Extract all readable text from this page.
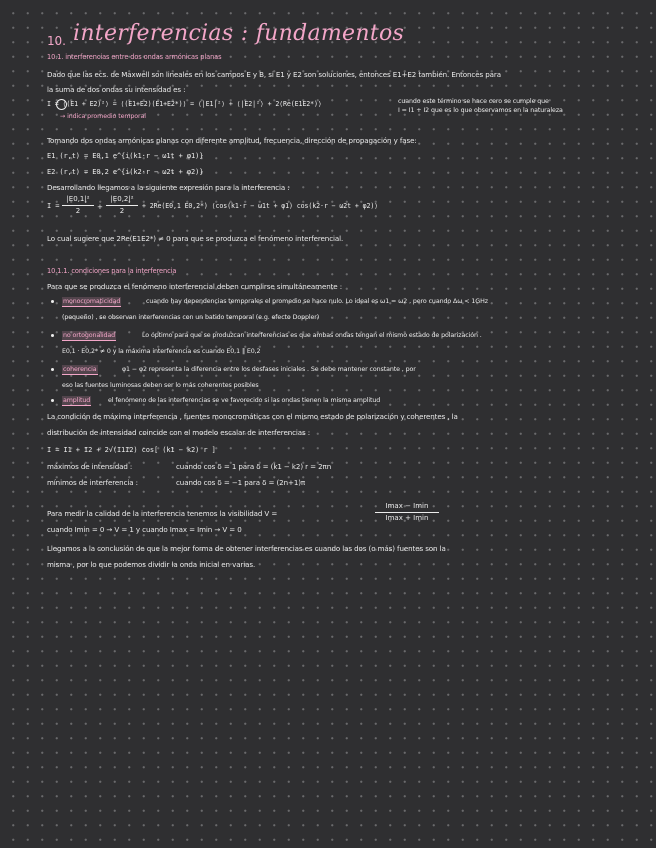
10. interferencias : fundamentos
10.1. interferencias entre dos ondas armónicas planas
Dado que las ecs. de Maxwell son lineales en los campos E y B, si E1 y E2 son soluciones, entonces E1+E2 también. Entonces para
la suma de dos ondas su intensidad es :
I = ⟨(E1 + E2)²⟩ = ⟨(E1+E2)(E1+E2*)⟩ = ⟨|E1|²⟩ + ⟨|E2|²⟩ + 2⟨Re(E1E2*)⟩
→ indica promedio temporal
cuando este término se hace cero se cumple que
I = I1 + I2 que es lo que observamos en la naturaleza
Tomando dos ondas armónicas planas con diferente amplitud, frecuencia, dirección de propagación y fase:
E1 (r,t) = E0,1 e^{i(k1·r − ω1t + φ1)}
E2 (r,t) = E0,2 e^{i(k2·r − ω2t + φ2)}
Desarrollando llegamos a la siguiente expresión para la interferencia :
I =
|E0,1|²
2	+
|E0,2|²
2
+ 2Re(E0,1 E0,2*) ⟨cos(k1·r − ω1t + φ1) cos(k2·r − ω2t + φ2)⟩
Lo cual sugiere que 2Re(E1E2*) ≠ 0 para que se produzca el fenómeno interferencial.
10.1.1. condiciones para la interferencia
Para que se produzca el fenómeno interferencial deben cumplirse simultáneamente :
monocromaticidad	cuando hay dependencias temporales el promedio se hace nulo. Lo ideal es ω1 = ω2 , pero cuando Δω < 1GHz
(pequeño) , se observan interferencias con un batido temporal (e.g. efecto Doppler)
no ortogonalidad	Lo óptimo para que se produzcan interferencias es que ambas ondas tengan el mismo estado de polarización .
E0,1 · E0,2* ≠ 0 y la máxima interferencia es cuando E0,1 ∥ E0,2
coherencia	φ1 − φ2 representa la diferencia entre los desfases iniciales . Se debe mantener constante , por
eso las fuentes luminosas deben ser lo más coherentes posibles
amplitud	el fenómeno de las interferencias se ve favorecido si las ondas tienen la misma amplitud
La condición de máxima interferencia , fuentes monocromáticas con el mismo estado de polarización y coherentes , la
distribución de intensidad coincide con el modelo escalar de interferencias :
I = I1 + I2 + 2√(I1I2) cos[ (k1 − k2) r ]
máximos de intensidad :	cuando cos δ = 1 para δ = (k1 − k2) r = 2πn
mínimos de interferencia :	cuando cos δ = −1 para δ = (2n+1)π
Para medir la calidad de la interferencia tenemos la visibilidad V =
Imax − Imin
Imax + Imin
cuando Imin = 0 → V = 1 y cuando Imax = Imin → V = 0
Llegamos a la conclusión de que la mejor forma de obtener interferencias es cuando las dos (o más) fuentes son la
misma , por lo que podemos dividir la onda inicial en varias.
